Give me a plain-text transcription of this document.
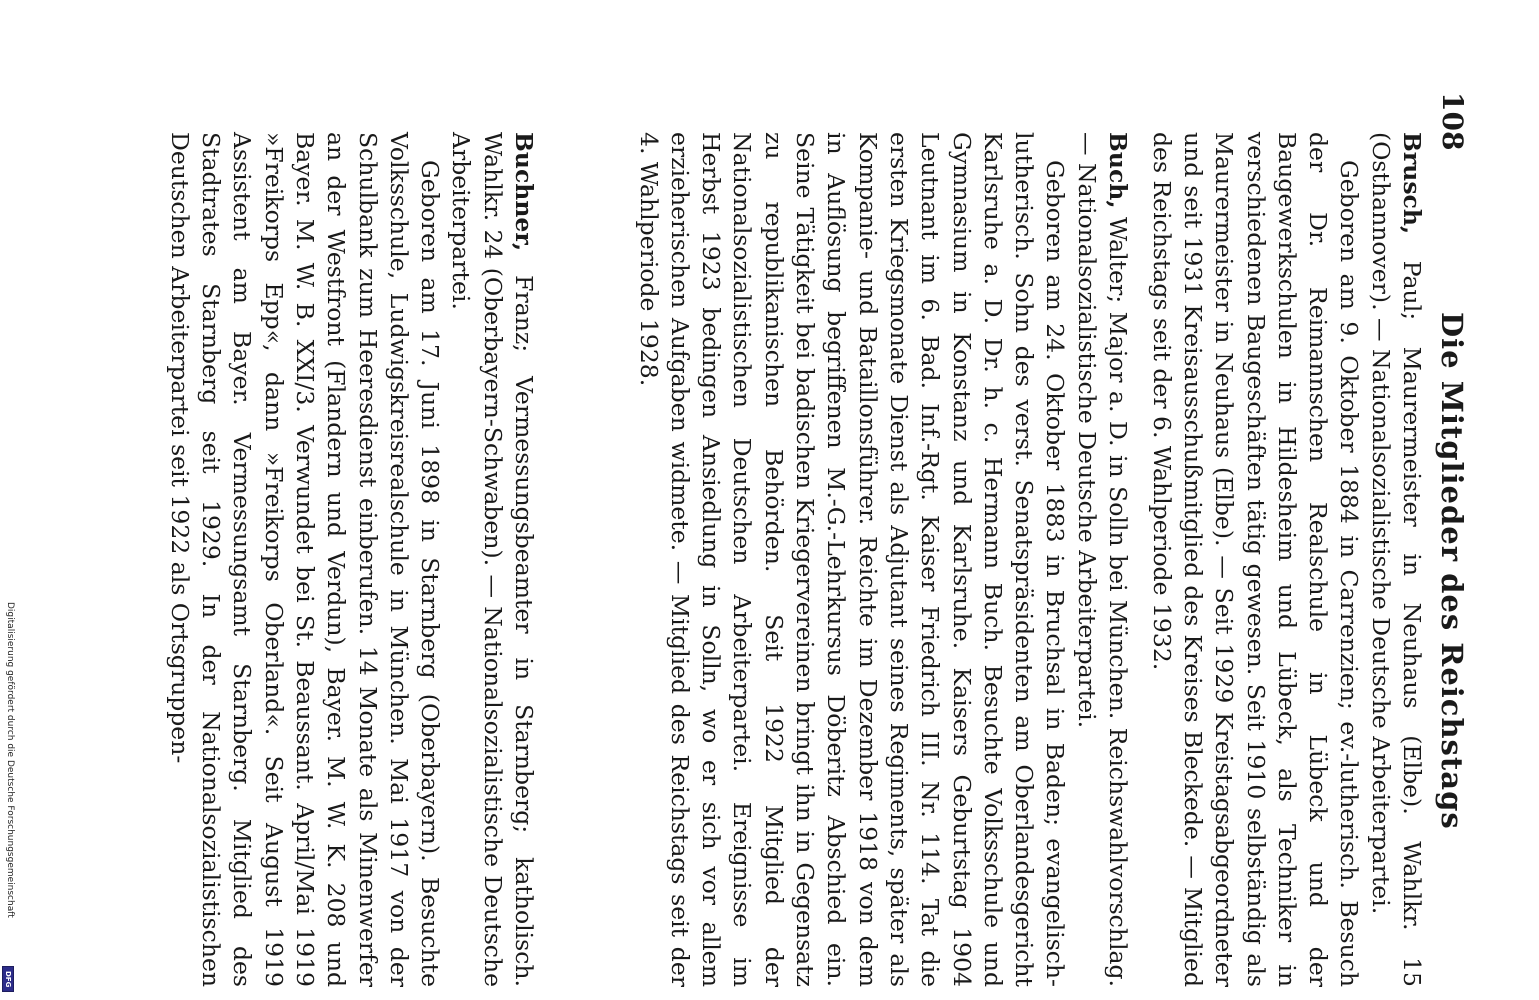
108
Die Mitglieder des Reichstags

Brusch, Paul; Maurermeister in Neuhaus (Elbe). Wahlkr. 15 (Osthannover). — Nationalsozialistische Deutsche Arbeiterpartei.

Geboren am 9. Oktober 1884 in Carrenzien; ev.-lutherisch. Besuch der Dr. Reimannschen Realschule in Lübeck und der Baugewerkschulen in Hildesheim und Lübeck, als Techniker in verschiedenen Baugeschäften tätig gewesen. Seit 1910 selbständig als Maurermeister in Neuhaus (Elbe). — Seit 1929 Kreistagsabgeordneter und seit 1931 Kreisausschußmitglied des Kreises Bleckede. — Mitglied des Reichstags seit der 6. Wahlperiode 1932.

Buch, Walter; Major a. D. in Solln bei München. Reichswahlvorschlag. — Nationalsozialistische Deutsche Arbeiterpartei.

Geboren am 24. Oktober 1883 in Bruchsal in Baden; evangelisch-lutherisch. Sohn des verst. Senatspräsidenten am Oberlandesgericht Karlsruhe a. D. Dr. h. c. Hermann Buch. Besuchte Volksschule und Gymnasium in Konstanz und Karlsruhe. Kaisers Geburtstag 1904 Leutnant im 6. Bad. Inf.-Rgt. Kaiser Friedrich III. Nr. 114. Tat die ersten Kriegsmonate Dienst als Adjutant seines Regiments, später als Kompanie- und Bataillonsführer. Reichte im Dezember 1918 von dem in Auflösung begriffenen M.-G.-Lehrkursus Döberitz Abschied ein. Seine Tätigkeit bei badischen Kriegervereinen bringt ihn in Gegensatz zu republikanischen Behörden. Seit 1922 Mitglied der Nationalsozialistischen Deutschen Arbeiterpartei. Ereignisse im Herbst 1923 bedingen Ansiedlung in Solln, wo er sich vor allem erzieherischen Aufgaben widmete. — Mitglied des Reichstags seit der 4. Wahlperiode 1928.

Buchner, Franz; Vermessungsbeamter in Starnberg; katholisch. Wahlkr. 24 (Oberbayern-Schwaben). — Nationalsozialistische Deutsche Arbeiterpartei.

Geboren am 17. Juni 1898 in Starnberg (Oberbayern). Besuchte Volksschule, Ludwigskreisrealschule in München. Mai 1917 von der Schulbank zum Heeresdienst einberufen. 14 Monate als Minenwerfer an der Westfront (Flandern und Verdun), Bayer. M. W. K. 208 und Bayer. M. W. B. XXI/3. Verwundet bei St. Beaussant. April/Mai 1919 »Freikorps Epp«, dann »Freikorps Oberland«. Seit August 1919 Assistent am Bayer. Vermessungsamt Starnberg. Mitglied des Stadtrates Starnberg seit 1929. In der Nationalsozialistischen Deutschen Arbeiterpartei seit 1922 als Ortsgruppen-

Digitalisierung gefördert durch die Deutsche Forschungsgemeinschaft
DFG
